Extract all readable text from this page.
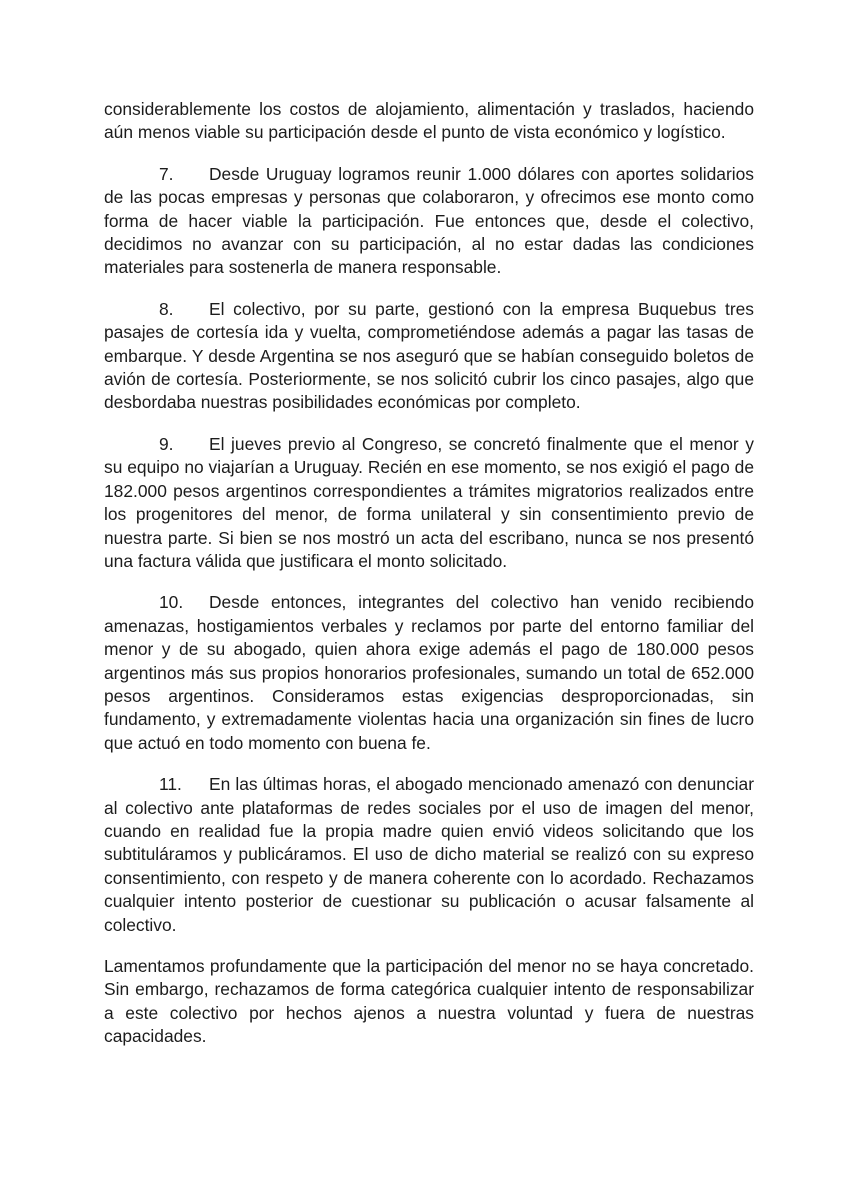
considerablemente los costos de alojamiento, alimentación y traslados, haciendo aún menos viable su participación desde el punto de vista económico y logístico.

7. Desde Uruguay logramos reunir 1.000 dólares con aportes solidarios de las pocas empresas y personas que colaboraron, y ofrecimos ese monto como forma de hacer viable la participación. Fue entonces que, desde el colectivo, decidimos no avanzar con su participación, al no estar dadas las condiciones materiales para sostenerla de manera responsable.

8. El colectivo, por su parte, gestionó con la empresa Buquebus tres pasajes de cortesía ida y vuelta, comprometiéndose además a pagar las tasas de embarque. Y desde Argentina se nos aseguró que se habían conseguido boletos de avión de cortesía. Posteriormente, se nos solicitó cubrir los cinco pasajes, algo que desbordaba nuestras posibilidades económicas por completo.

9. El jueves previo al Congreso, se concretó finalmente que el menor y su equipo no viajarían a Uruguay. Recién en ese momento, se nos exigió el pago de 182.000 pesos argentinos correspondientes a trámites migratorios realizados entre los progenitores del menor, de forma unilateral y sin consentimiento previo de nuestra parte. Si bien se nos mostró un acta del escribano, nunca se nos presentó una factura válida que justificara el monto solicitado.

10. Desde entonces, integrantes del colectivo han venido recibiendo amenazas, hostigamientos verbales y reclamos por parte del entorno familiar del menor y de su abogado, quien ahora exige además el pago de 180.000 pesos argentinos más sus propios honorarios profesionales, sumando un total de 652.000 pesos argentinos. Consideramos estas exigencias desproporcionadas, sin fundamento, y extremadamente violentas hacia una organización sin fines de lucro que actuó en todo momento con buena fe.

11. En las últimas horas, el abogado mencionado amenazó con denunciar al colectivo ante plataformas de redes sociales por el uso de imagen del menor, cuando en realidad fue la propia madre quien envió videos solicitando que los subtituláramos y publicáramos. El uso de dicho material se realizó con su expreso consentimiento, con respeto y de manera coherente con lo acordado. Rechazamos cualquier intento posterior de cuestionar su publicación o acusar falsamente al colectivo.

Lamentamos profundamente que la participación del menor no se haya concretado. Sin embargo, rechazamos de forma categórica cualquier intento de responsabilizar a este colectivo por hechos ajenos a nuestra voluntad y fuera de nuestras capacidades.
